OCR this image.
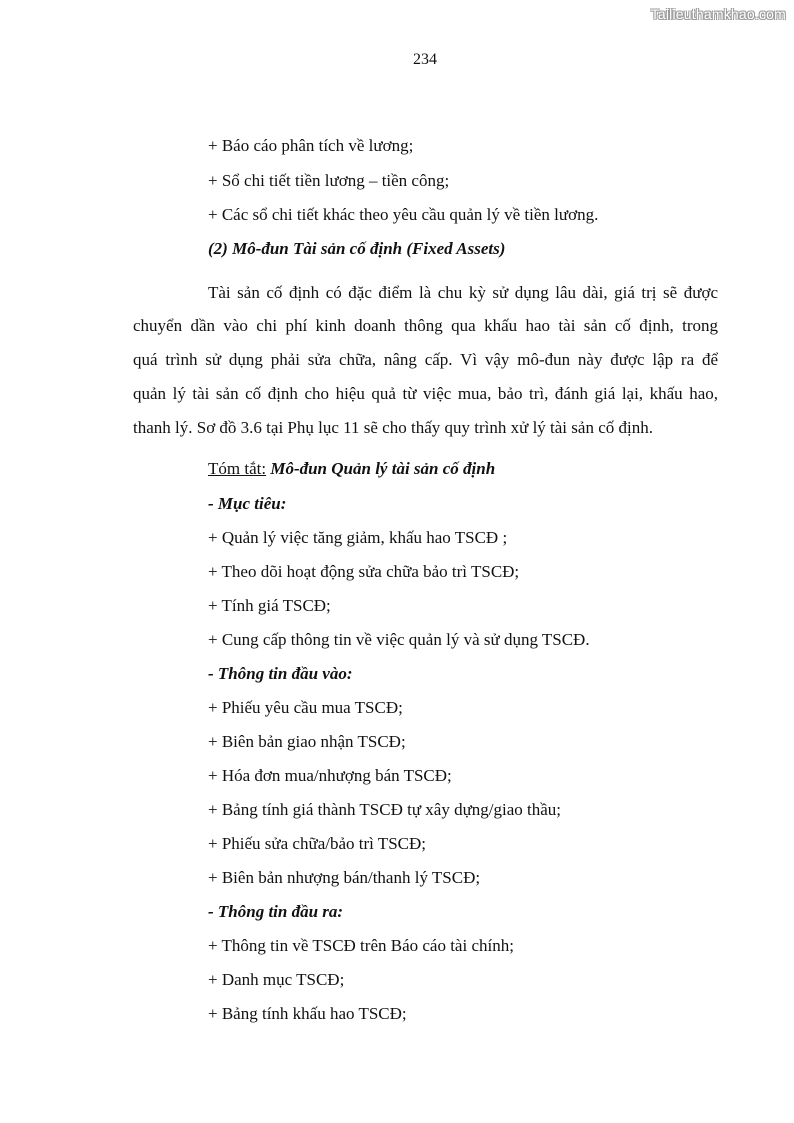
Tailieuthamkhao.com
234
+ Báo cáo phân tích về lương;
+ Sổ chi tiết tiền lương – tiền công;
+ Các sổ chi tiết khác theo yêu cầu quản lý về tiền lương.
(2) Mô-đun Tài sản cố định (Fixed Assets)
Tài sản cố định có đặc điểm là chu kỳ sử dụng lâu dài, giá trị sẽ được
chuyển dần vào chi phí kinh doanh thông qua khấu hao tài sản cố định, trong
quá trình sử dụng phải sửa chữa, nâng cấp. Vì vậy mô-đun này được lập ra để
quản lý tài sản cố định cho hiệu quả từ việc mua, bảo trì, đánh giá lại, khấu hao,
thanh lý. Sơ đồ 3.6 tại Phụ lục 11 sẽ cho thấy quy trình xử lý tài sản cố định.
Tóm tắt: Mô-đun Quản lý tài sản cố định
- Mục tiêu:
+ Quản lý việc tăng giảm, khấu hao TSCĐ ;
+ Theo dõi hoạt động sửa chữa bảo trì TSCĐ;
+ Tính giá TSCĐ;
+ Cung cấp thông tin về việc quản lý và sử dụng TSCĐ.
- Thông tin đầu vào:
+ Phiếu yêu cầu mua TSCĐ;
+ Biên bản giao nhận TSCĐ;
+ Hóa đơn mua/nhượng bán TSCĐ;
+ Bảng tính giá thành TSCĐ tự xây dựng/giao thầu;
+ Phiếu sửa chữa/bảo trì TSCĐ;
+ Biên bản nhượng bán/thanh lý TSCĐ;
- Thông tin đầu ra:
+ Thông tin về TSCĐ trên Báo cáo tài chính;
+ Danh mục TSCĐ;
+ Bảng tính khấu hao TSCĐ;
